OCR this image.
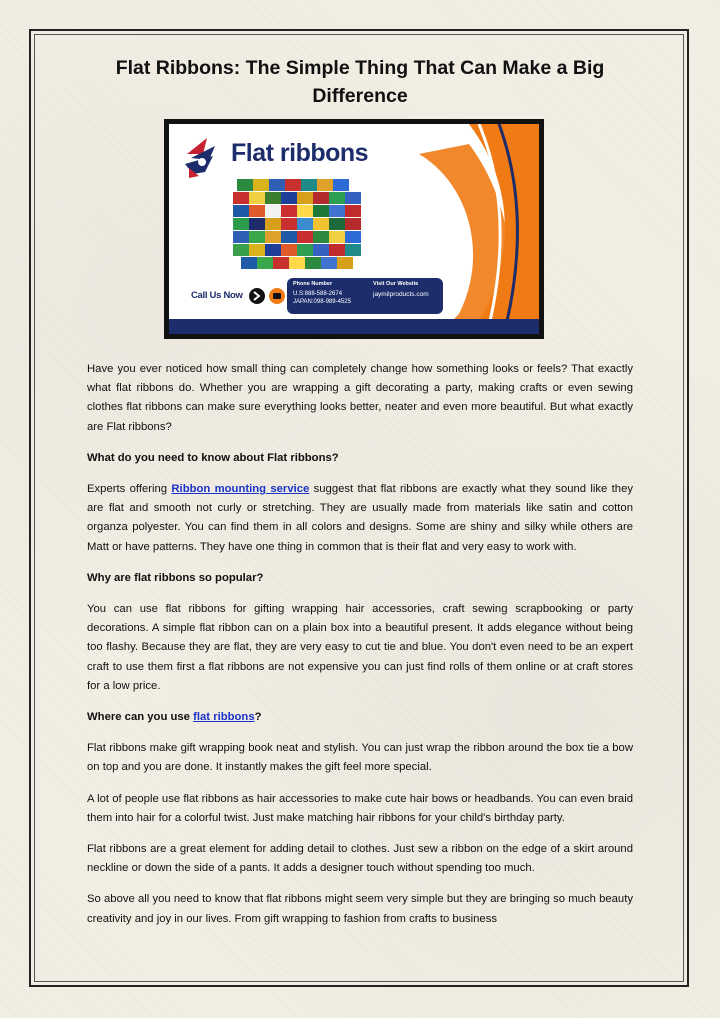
Flat Ribbons: The Simple Thing That Can Make a Big Difference
Flat ribbons
Call Us Now
Phone Number
U.S:888-588-2674
JAPAN:098-989-4525
Visit Our Website
jaymilproducts.com

Have you ever noticed how small thing can completely change how something looks or feels? That exactly what flat ribbons do. Whether you are wrapping a gift decorating a party, making crafts or even sewing clothes flat ribbons can make sure everything looks better, neater and even more beautiful. But what exactly are Flat ribbons?

What do you need to know about Flat ribbons?

Experts offering Ribbon mounting service suggest that flat ribbons are exactly what they sound like they are flat and smooth not curly or stretching. They are usually made from materials like satin and cotton organza polyester. You can find them in all colors and designs. Some are shiny and silky while others are Matt or have patterns. They have one thing in common that is their flat and very easy to work with.

Why are flat ribbons so popular?

You can use flat ribbons for gifting wrapping hair accessories, craft sewing scrapbooking or party decorations. A simple flat ribbon can on a plain box into a beautiful present. It adds elegance without being too flashy. Because they are flat, they are very easy to cut tie and blue. You don't even need to be an expert craft to use them first a flat ribbons are not expensive you can just find rolls of them online or at craft stores for a low price.

Where can you use flat ribbons?

Flat ribbons make gift wrapping book neat and stylish. You can just wrap the ribbon around the box tie a bow on top and you are done. It instantly makes the gift feel more special.

A lot of people use flat ribbons as hair accessories to make cute hair bows or headbands. You can even braid them into hair for a colorful twist. Just make matching hair ribbons for your child's birthday party.

Flat ribbons are a great element for adding detail to clothes. Just sew a ribbon on the edge of a skirt around neckline or down the side of a pants. It adds a designer touch without spending too much.

So above all you need to know that flat ribbons might seem very simple but they are bringing so much beauty creativity and joy in our lives. From gift wrapping to fashion from crafts to business
